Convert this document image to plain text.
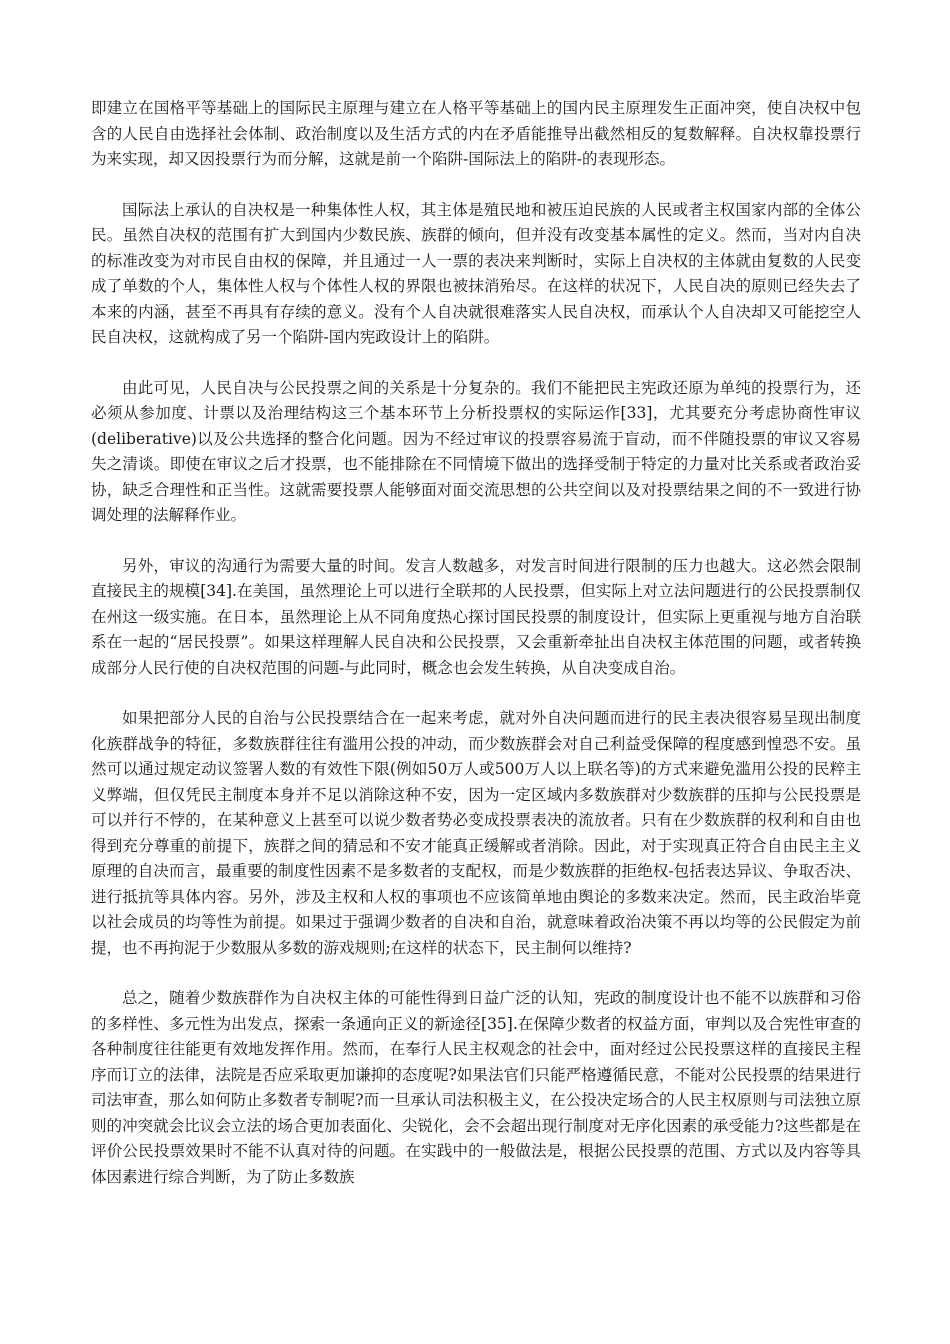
即建立在国格平等基础上的国际民主原理与建立在人格平等基础上的国内民主原理发生正面冲突，使自决权中包含的人民自由选择社会体制、政治制度以及生活方式的内在矛盾能推导出截然相反的复数解释。自决权靠投票行为来实现，却又因投票行为而分解，这就是前一个陷阱-国际法上的陷阱-的表现形态。

国际法上承认的自决权是一种集体性人权，其主体是殖民地和被压迫民族的人民或者主权国家内部的全体公民。虽然自决权的范围有扩大到国内少数民族、族群的倾向，但并没有改变基本属性的定义。然而，当对内自决的标准改变为对市民自由权的保障，并且通过一人一票的表决来判断时，实际上自决权的主体就由复数的人民变成了单数的个人，集体性人权与个体性人权的界限也被抹消殆尽。在这样的状况下，人民自决的原则已经失去了本来的内涵，甚至不再具有存续的意义。没有个人自决就很难落实人民自决权，而承认个人自决却又可能挖空人民自决权，这就构成了另一个陷阱-国内宪政设计上的陷阱。

由此可见，人民自决与公民投票之间的关系是十分复杂的。我们不能把民主宪政还原为单纯的投票行为，还必须从参加度、计票以及治理结构这三个基本环节上分析投票权的实际运作[33]，尤其要充分考虑协商性审议(deliberative)以及公共选择的整合化问题。因为不经过审议的投票容易流于盲动，而不伴随投票的审议又容易失之清谈。即使在审议之后才投票，也不能排除在不同情境下做出的选择受制于特定的力量对比关系或者政治妥协，缺乏合理性和正当性。这就需要投票人能够面对面交流思想的公共空间以及对投票结果之间的不一致进行协调处理的法解释作业。

另外，审议的沟通行为需要大量的时间。发言人数越多，对发言时间进行限制的压力也越大。这必然会限制直接民主的规模[34].在美国，虽然理论上可以进行全联邦的人民投票，但实际上对立法问题进行的公民投票制仅在州这一级实施。在日本，虽然理论上从不同角度热心探讨国民投票的制度设计，但实际上更重视与地方自治联系在一起的“居民投票”。如果这样理解人民自决和公民投票，又会重新牵扯出自决权主体范围的问题，或者转换成部分人民行使的自决权范围的问题-与此同时，概念也会发生转换，从自决变成自治。

如果把部分人民的自治与公民投票结合在一起来考虑，就对外自决问题而进行的民主表决很容易呈现出制度化族群战争的特征，多数族群往往有滥用公投的冲动，而少数族群会对自己利益受保障的程度感到惶恐不安。虽然可以通过规定动议签署人数的有效性下限(例如50万人或500万人以上联名等)的方式来避免滥用公投的民粹主义弊端，但仅凭民主制度本身并不足以消除这种不安，因为一定区域内多数族群对少数族群的压抑与公民投票是可以并行不悖的，在某种意义上甚至可以说少数者势必变成投票表决的流放者。只有在少数族群的权利和自由也得到充分尊重的前提下，族群之间的猜忌和不安才能真正缓解或者消除。因此，对于实现真正符合自由民主主义原理的自决而言，最重要的制度性因素不是多数者的支配权，而是少数族群的拒绝权-包括表达异议、争取否决、进行抵抗等具体内容。另外，涉及主权和人权的事项也不应该简单地由舆论的多数来决定。然而，民主政治毕竟以社会成员的均等性为前提。如果过于强调少数者的自决和自治，就意味着政治决策不再以均等的公民假定为前提，也不再拘泥于少数服从多数的游戏规则;在这样的状态下，民主制何以维持?

总之，随着少数族群作为自决权主体的可能性得到日益广泛的认知，宪政的制度设计也不能不以族群和习俗的多样性、多元性为出发点，探索一条通向正义的新途径[35].在保障少数者的权益方面，审判以及合宪性审查的各种制度往往能更有效地发挥作用。然而，在奉行人民主权观念的社会中，面对经过公民投票这样的直接民主程序而订立的法律，法院是否应采取更加谦抑的态度呢?如果法官们只能严格遵循民意，不能对公民投票的结果进行司法审查，那么如何防止多数者专制呢?而一旦承认司法积极主义，在公投决定场合的人民主权原则与司法独立原则的冲突就会比议会立法的场合更加表面化、尖锐化，会不会超出现行制度对无序化因素的承受能力?这些都是在评价公民投票效果时不能不认真对待的问题。在实践中的一般做法是，根据公民投票的范围、方式以及内容等具体因素进行综合判断，为了防止多数族
